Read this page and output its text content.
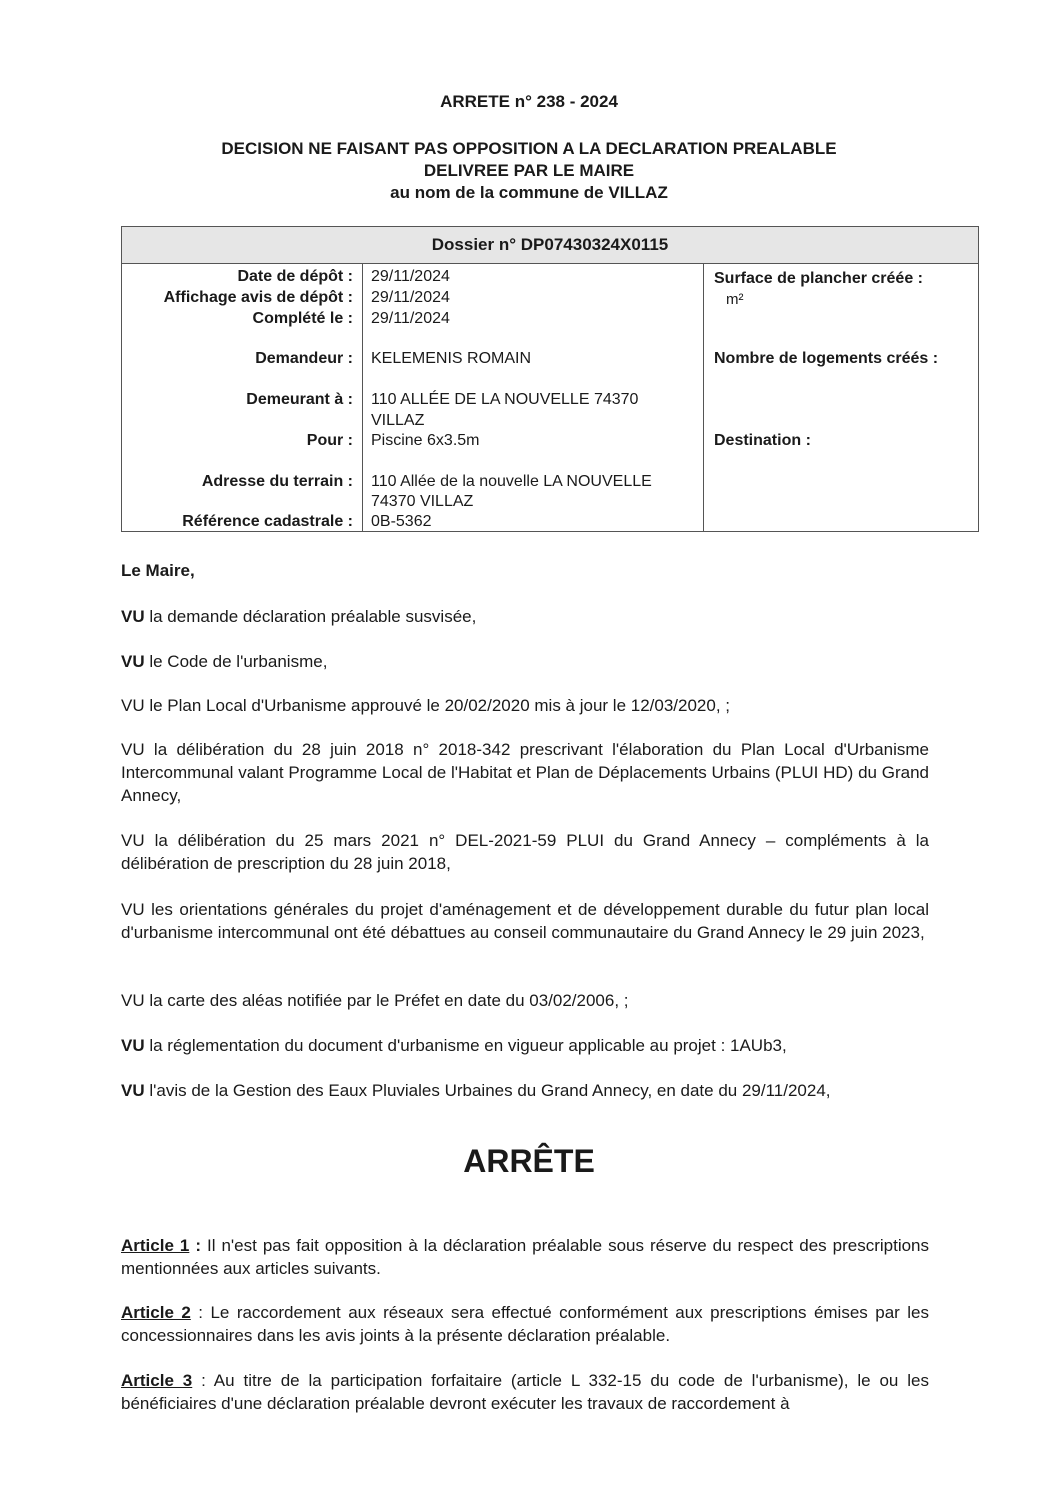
ARRETE n° 238 - 2024
DECISION NE FAISANT PAS OPPOSITION A LA DECLARATION PREALABLE
DELIVREE PAR LE MAIRE
au nom de la commune de VILLAZ
Dossier n° DP07430324X0115
Date de dépôt : 29/11/2024
Affichage avis de dépôt : 29/11/2024
Complété le : 29/11/2024
Demandeur : KELEMENIS ROMAIN
Demeurant à : 110 ALLÉE DE LA NOUVELLE 74370
VILLAZ
Pour : Piscine 6x3.5m
Adresse du terrain : 110 Allée de la nouvelle LA NOUVELLE
74370 VILLAZ
Référence cadastrale : 0B-5362
Surface de plancher créée :
m²
Nombre de logements créés :
Destination :
Le Maire,
VU la demande déclaration préalable susvisée,
VU le Code de l'urbanisme,
VU le Plan Local d'Urbanisme approuvé le 20/02/2020 mis à jour le 12/03/2020, ;
VU la délibération du 28 juin 2018 n° 2018-342 prescrivant l'élaboration du Plan Local d'Urbanisme Intercommunal valant Programme Local de l'Habitat et Plan de Déplacements Urbains (PLUI HD) du Grand Annecy,
VU la délibération du 25 mars 2021 n° DEL-2021-59 PLUI du Grand Annecy – compléments à la délibération de prescription du 28 juin 2018,
VU les orientations générales du projet d'aménagement et de développement durable du futur plan local d'urbanisme intercommunal ont été débattues au conseil communautaire du Grand Annecy le 29 juin 2023,
VU la carte des aléas notifiée par le Préfet en date du 03/02/2006, ;
VU la réglementation du document d'urbanisme en vigueur applicable au projet : 1AUb3,
VU l'avis de la Gestion des Eaux Pluviales Urbaines du Grand Annecy, en date du 29/11/2024,
ARRÊTE
Article 1 : Il n'est pas fait opposition à la déclaration préalable sous réserve du respect des prescriptions mentionnées aux articles suivants.
Article 2 : Le raccordement aux réseaux sera effectué conformément aux prescriptions émises par les concessionnaires dans les avis joints à la présente déclaration préalable.
Article 3 : Au titre de la participation forfaitaire (article L 332-15 du code de l'urbanisme), le ou les bénéficiaires d'une déclaration préalable devront exécuter les travaux de raccordement à
